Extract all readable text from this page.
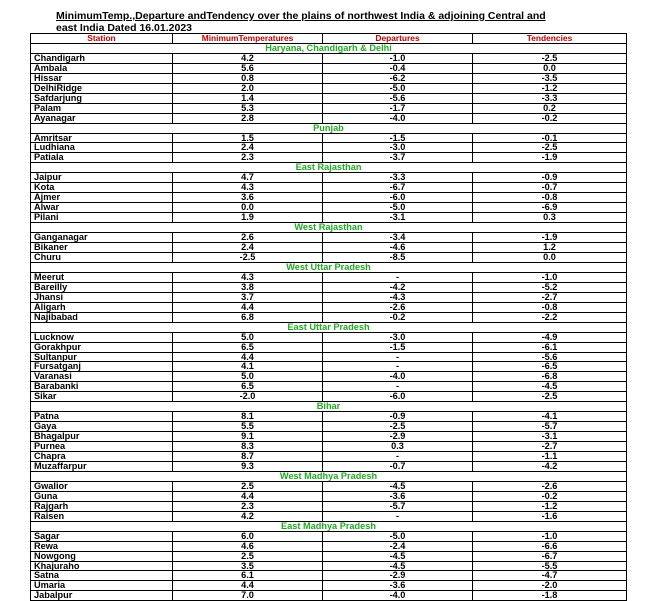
MinimumTemp.,Departure andTendency over the plains of northwest India & adjoining Central and
east India Dated 16.01.2023
Station	MinimumTemperatures	Departures	Tendencies
Haryana, Chandigarh & Delhi			
Chandigarh	4.2	-1.0	-2.5
Ambala	5.6	-0.4	0.0
Hissar	0.8	-6.2	-3.5
DelhiRidge	2.0	-5.0	-1.2
Safdarjung	1.4	-5.6	-3.3
Palam	5.3	-1.7	0.2
Ayanagar	2.8	-4.0	-0.2
Punjab			
Amritsar	1.5	-1.5	-0.1
Ludhiana	2.4	-3.0	-2.5
Patiala	2.3	-3.7	-1.9
East Rajasthan			
Jaipur	4.7	-3.3	-0.9
Kota	4.3	-6.7	-0.7
Ajmer	3.6	-6.0	-0.8
Alwar	0.0	-5.0	-6.9
Pilani	1.9	-3.1	0.3
West Rajasthan			
Ganganagar	2.6	-3.4	-1.9
Bikaner	2.4	-4.6	1.2
Churu	-2.5	-8.5	0.0
West Uttar Pradesh			
Meerut	4.3	-	-1.0
Bareilly	3.8	-4.2	-5.2
Jhansi	3.7	-4.3	-2.7
Aligarh	4.4	-2.6	-0.8
Najibabad	6.8	-0.2	-2.2
East Uttar Pradesh			
Lucknow	5.0	-3.0	-4.9
Gorakhpur	6.5	-1.5	-6.1
Sultanpur	4.4	-	-5.6
Fursatganj	4.1	-	-6.5
Varanasi	5.0	-4.0	-6.8
Barabanki	6.5	-	-4.5
Sikar	-2.0	-6.0	-2.5
Bihar			
Patna	8.1	-0.9	-4.1
Gaya	5.5	-2.5	-5.7
Bhagalpur	9.1	-2.9	-3.1
Purnea	8.3	0.3	-2.7
Chapra	8.7	-	-1.1
Muzaffarpur	9.3	-0.7	-4.2
West Madhya Pradesh			
Gwalior	2.5	-4.5	-2.6
Guna	4.4	-3.6	-0.2
Rajgarh	2.3	-5.7	-1.2
Raisen	4.2	-	-1.6
East Madhya Pradesh			
Sagar	6.0	-5.0	-1.0
Rewa	4.6	-2.4	-6.6
Nowgong	2.5	-4.5	-6.7
Khajuraho	3.5	-4.5	-5.5
Satna	6.1	-2.9	-4.7
Umaria	4.4	-3.6	-2.0
Jabalpur	7.0	-4.0	-1.8
